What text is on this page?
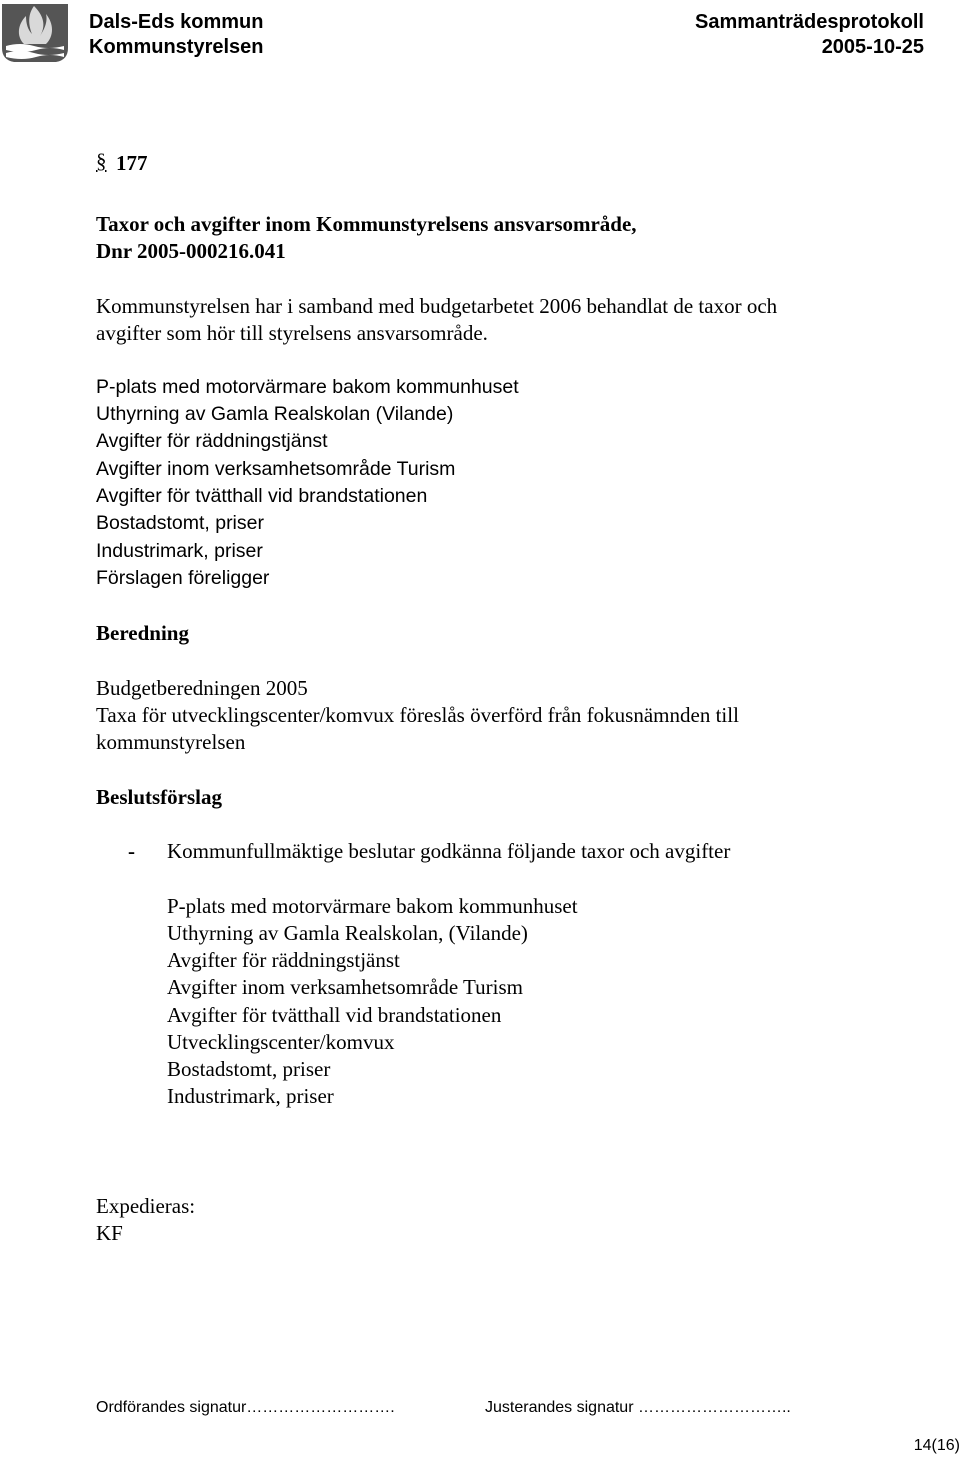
Dals-Eds kommun
Kommunstyrelsen
Sammanträdesprotokoll
2005-10-25
§ 177
Taxor och avgifter inom Kommunstyrelsens ansvarsområde,
Dnr 2005-000216.041
Kommunstyrelsen har i samband med budgetarbetet 2006 behandlat de taxor och
avgifter som hör till styrelsens ansvarsområde.
P-plats med motorvärmare bakom kommunhuset
Uthyrning av Gamla Realskolan (Vilande)
Avgifter för räddningstjänst
Avgifter inom verksamhetsområde Turism
Avgifter för tvätthall vid brandstationen
Bostadstomt, priser
Industrimark, priser
Förslagen föreligger
Beredning
Budgetberedningen 2005
Taxa för utvecklingscenter/komvux föreslås överförd från fokusnämnden till
kommunstyrelsen
Beslutsförslag
- Kommunfullmäktige beslutar godkänna följande taxor och avgifter
P-plats med motorvärmare bakom kommunhuset
Uthyrning av Gamla Realskolan, (Vilande)
Avgifter för räddningstjänst
Avgifter inom verksamhetsområde Turism
Avgifter för tvätthall vid brandstationen
Utvecklingscenter/komvux
Bostadstomt, priser
Industrimark, priser
Expedieras:
KF
Ordförandes signatur……………………….	Justerandes signatur ………………………..
14(16)
